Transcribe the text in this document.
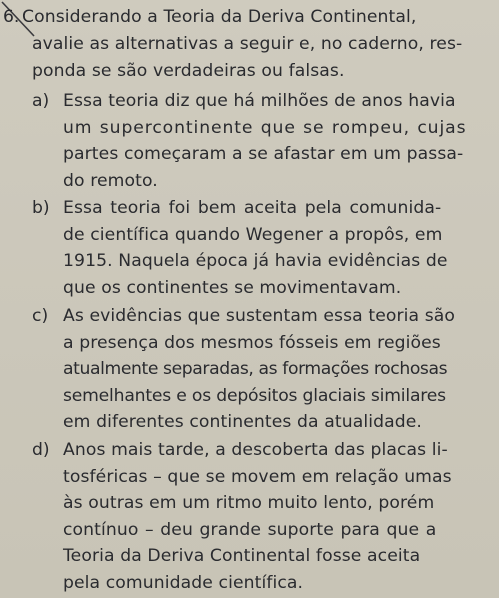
6. Considerando a Teoria da Deriva Continental,
avalie as alternativas a seguir e, no caderno, res-
ponda se são verdadeiras ou falsas.
a) Essa teoria diz que há milhões de anos havia
um supercontinente que se rompeu, cujas
partes começaram a se afastar em um passa-
do remoto.
b) Essa teoria foi bem aceita pela comunida-
de científica quando Wegener a propôs, em
1915. Naquela época já havia evidências de
que os continentes se movimentavam.
c) As evidências que sustentam essa teoria são
a presença dos mesmos fósseis em regiões
atualmente separadas, as formações rochosas
semelhantes e os depósitos glaciais similares
em diferentes continentes da atualidade.
d) Anos mais tarde, a descoberta das placas li-
tosféricas – que se movem em relação umas
às outras em um ritmo muito lento, porém
contínuo – deu grande suporte para que a
Teoria da Deriva Continental fosse aceita
pela comunidade científica.
